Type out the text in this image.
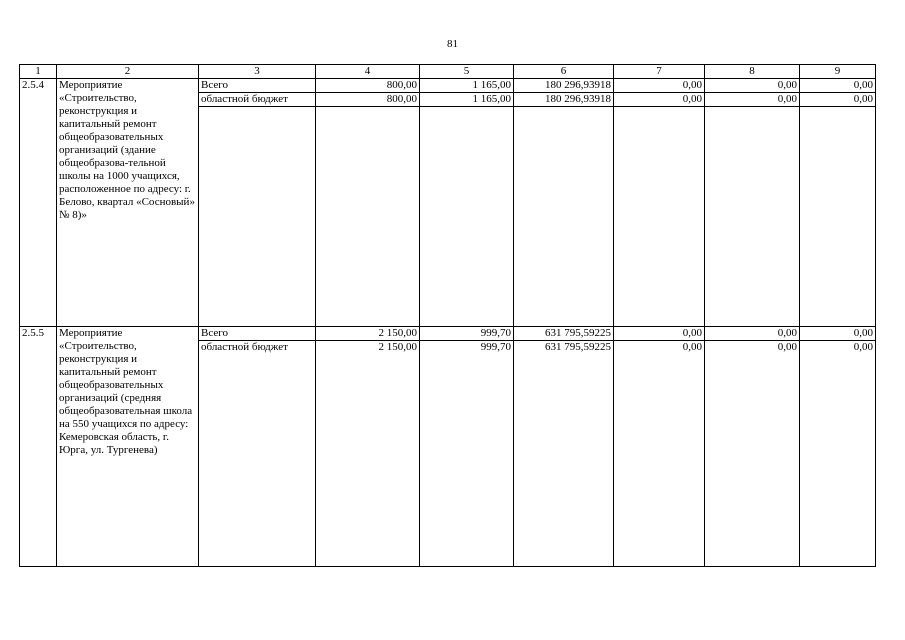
81
1	2	3	4	5	6	7	8	9
2.5.4	Мероприятие «Строительство, реконструкция и капитальный ремонт общеобразовательных организаций (здание общеобразова-тельной школы на 1000 учащихся, расположенное по адресу: г. Белово, квартал «Сосновый» № 8)»	Всего	800,00	1 165,00	180 296,93918	0,00	0,00	0,00
		областной бюджет	800,00	1 165,00	180 296,93918	0,00	0,00	0,00

2.5.5	Мероприятие «Строительство, реконструкция и капитальный ремонт общеобразовательных организаций (средняя общеобразовательная школа на 550 учащихся по адресу: Кемеровская область, г. Юрга, ул. Тургенева)	Всего	2 150,00	999,70	631 795,59225	0,00	0,00	0,00
		областной бюджет	2 150,00	999,70	631 795,59225	0,00	0,00	0,00
